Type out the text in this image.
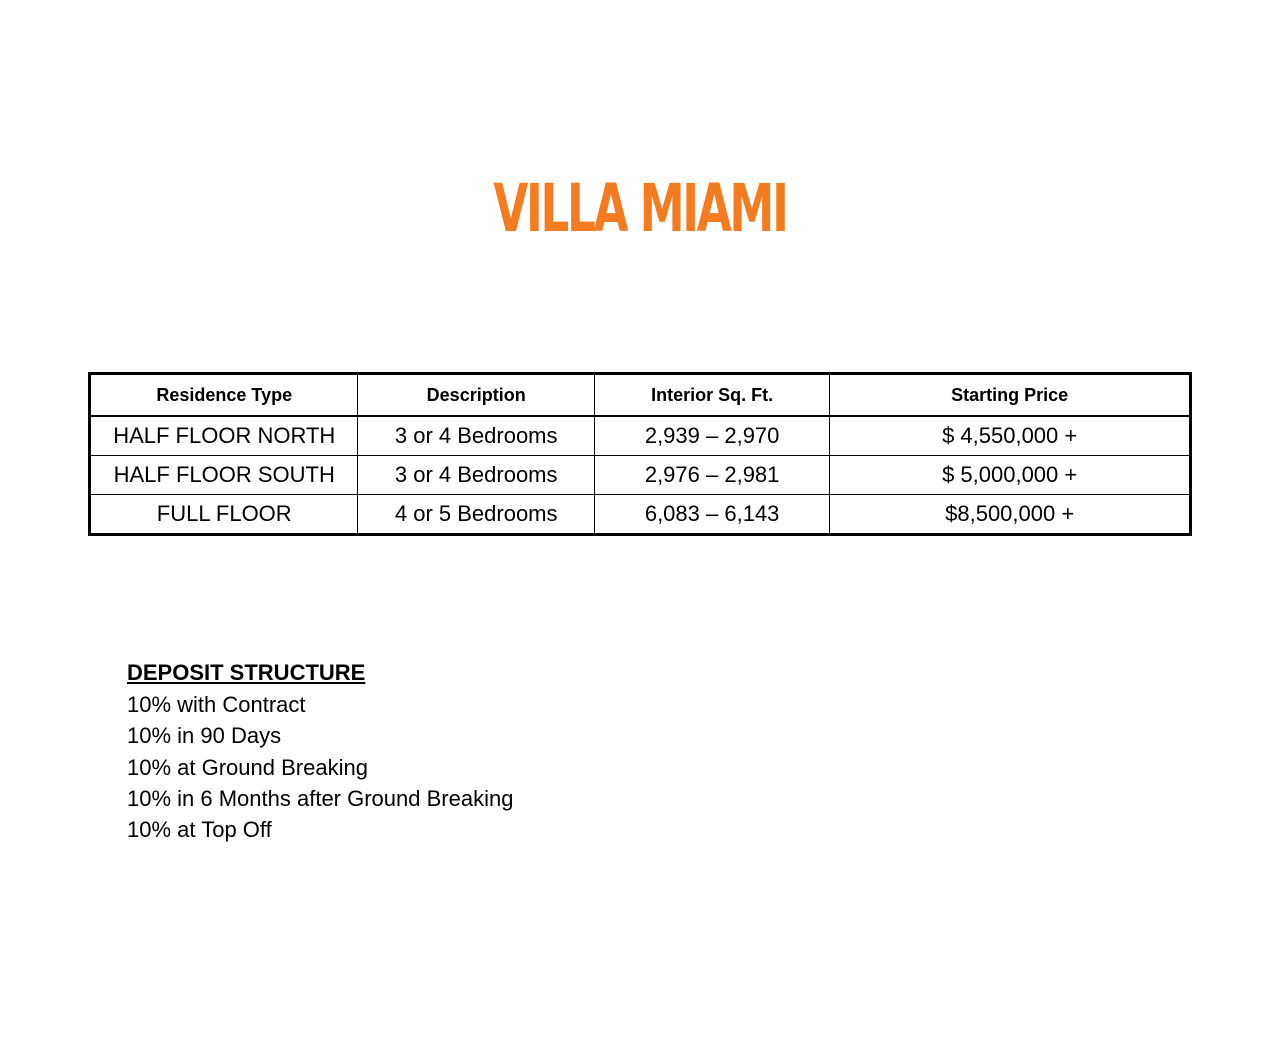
VILLA MIAMI
Residence Type	Description	Interior Sq. Ft.	Starting Price
HALF FLOOR NORTH	3 or 4 Bedrooms	2,939 – 2,970	$ 4,550,000 +
HALF FLOOR SOUTH	3 or 4 Bedrooms	2,976 – 2,981	$ 5,000,000 +
FULL FLOOR	4 or 5 Bedrooms	6,083 – 6,143	$8,500,000 +

DEPOSIT STRUCTURE

10% with Contract
10% in 90 Days
10% at Ground Breaking
10% in 6 Months after Ground Breaking
10% at Top Off
